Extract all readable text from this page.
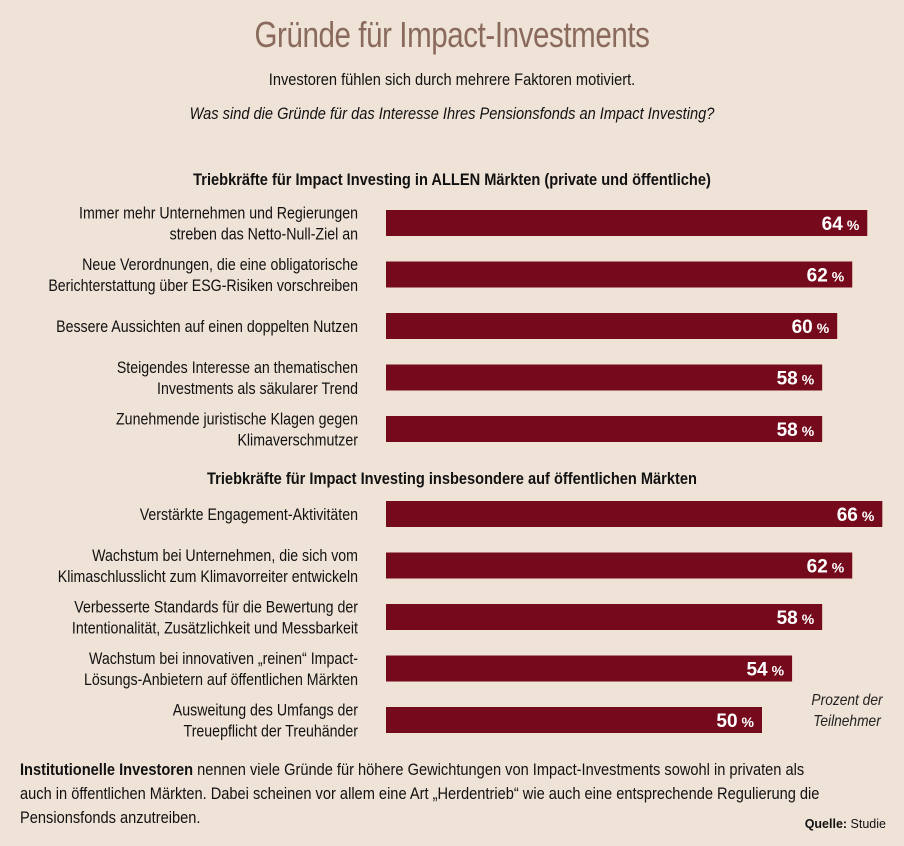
Gründe für Impact-Investments
Investoren fühlen sich durch mehrere Faktoren motiviert.
Was sind die Gründe für das Interesse Ihres Pensionsfonds an Impact Investing?
Triebkräfte für Impact Investing in ALLEN Märkten (private und öffentliche)
Triebkräfte für Impact Investing insbesondere auf öffentlichen Märkten
64 %
Immer mehr Unternehmen und Regierungen streben das Netto-Null-Ziel an
62 %
Neue Verordnungen, die eine obligatorische Berichterstattung über ESG-Risiken vorschreiben
60 %
Bessere Aussichten auf einen doppelten Nutzen
58 %
Steigendes Interesse an thematischen Investments als säkularer Trend
58 %
Zunehmende juristische Klagen gegen Klimaverschmutzer
66 %
Verstärkte Engagement-Aktivitäten
62 %
Wachstum bei Unternehmen, die sich vom Klimaschlusslicht zum Klimavorreiter entwickeln
58 %
Verbesserte Standards für die Bewertung der Intentionalität, Zusätzlichkeit und Messbarkeit
54 %
Wachstum bei innovativen „reinen“ Impact-Lösungs-Anbietern auf öffentlichen Märkten
50 %
Ausweitung des Umfangs der Treuepflicht der Treuhänder
Prozent der
Teilnehmer
Institutionelle Investoren nennen viele Gründe für höhere Gewichtungen von Impact-Investments sowohl in privaten als
auch in öffentlichen Märkten. Dabei scheinen vor allem eine Art „Herdentrieb“ wie auch eine entsprechende Regulierung die
Pensionsfonds anzutreiben.	Quelle: Studie
